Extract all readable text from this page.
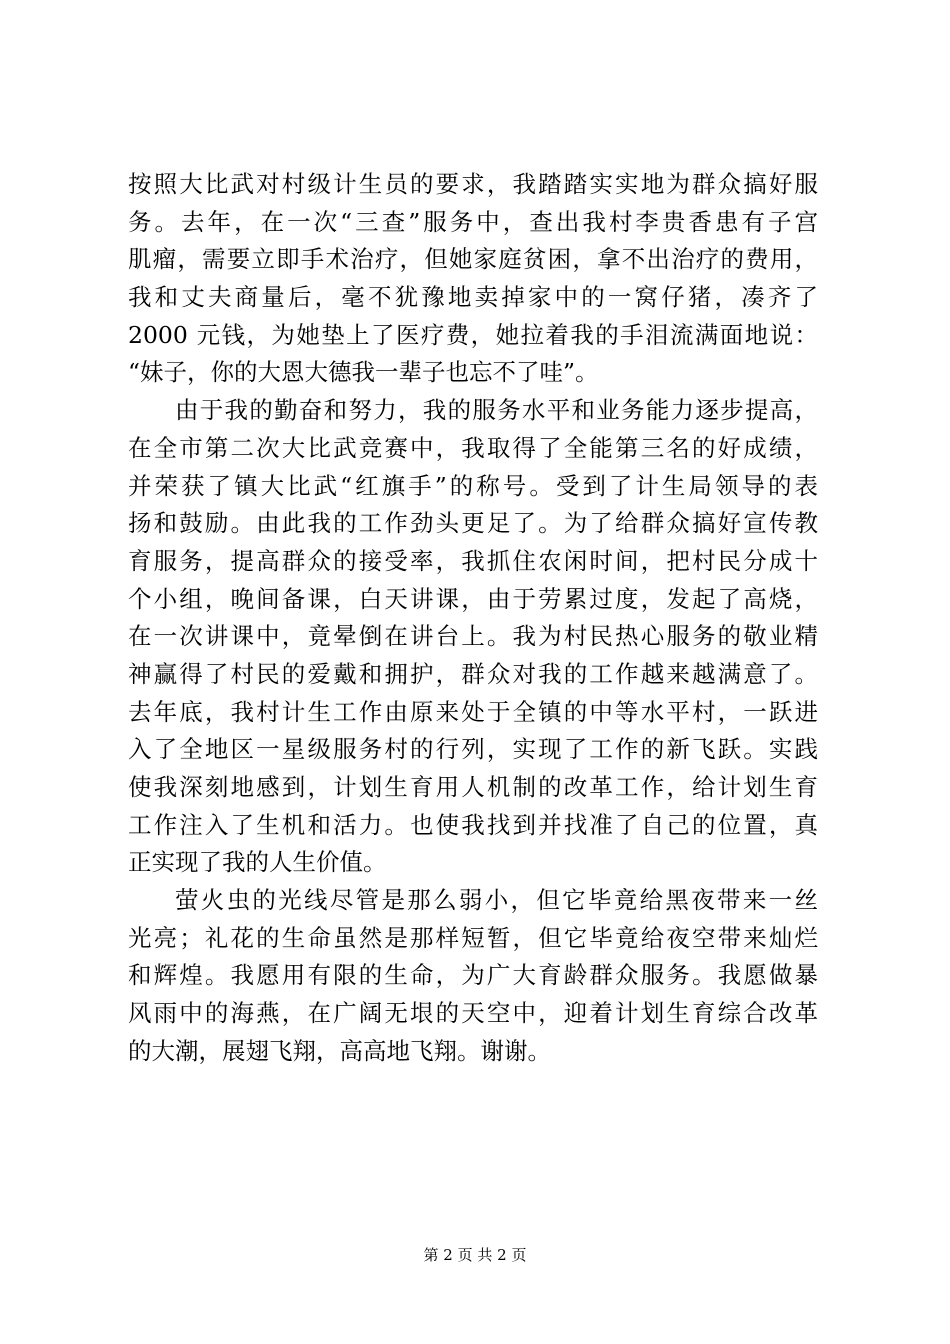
按照大比武对村级计生员的要求，我踏踏实实地为群众搞好服
务。去年，在一次“三查”服务中，查出我村李贵香患有子宫
肌瘤，需要立即手术治疗，但她家庭贫困，拿不出治疗的费用，
我和丈夫商量后，毫不犹豫地卖掉家中的一窝仔猪，凑齐了
2000 元钱，为她垫上了医疗费，她拉着我的手泪流满面地说：
“妹子，你的大恩大德我一辈子也忘不了哇”。
由于我的勤奋和努力，我的服务水平和业务能力逐步提高，
在全市第二次大比武竞赛中，我取得了全能第三名的好成绩，
并荣获了镇大比武“红旗手”的称号。受到了计生局领导的表
扬和鼓励。由此我的工作劲头更足了。为了给群众搞好宣传教
育服务，提高群众的接受率，我抓住农闲时间，把村民分成十
个小组，晚间备课，白天讲课，由于劳累过度，发起了高烧，
在一次讲课中，竟晕倒在讲台上。我为村民热心服务的敬业精
神赢得了村民的爱戴和拥护，群众对我的工作越来越满意了。
去年底，我村计生工作由原来处于全镇的中等水平村，一跃进
入了全地区一星级服务村的行列，实现了工作的新飞跃。实践
使我深刻地感到，计划生育用人机制的改革工作，给计划生育
工作注入了生机和活力。也使我找到并找准了自己的位置，真
正实现了我的人生价值。
萤火虫的光线尽管是那么弱小，但它毕竟给黑夜带来一丝
光亮；礼花的生命虽然是那样短暂，但它毕竟给夜空带来灿烂
和辉煌。我愿用有限的生命，为广大育龄群众服务。我愿做暴
风雨中的海燕，在广阔无垠的天空中，迎着计划生育综合改革
的大潮，展翅飞翔，高高地飞翔。谢谢。
第 2 页 共 2 页
